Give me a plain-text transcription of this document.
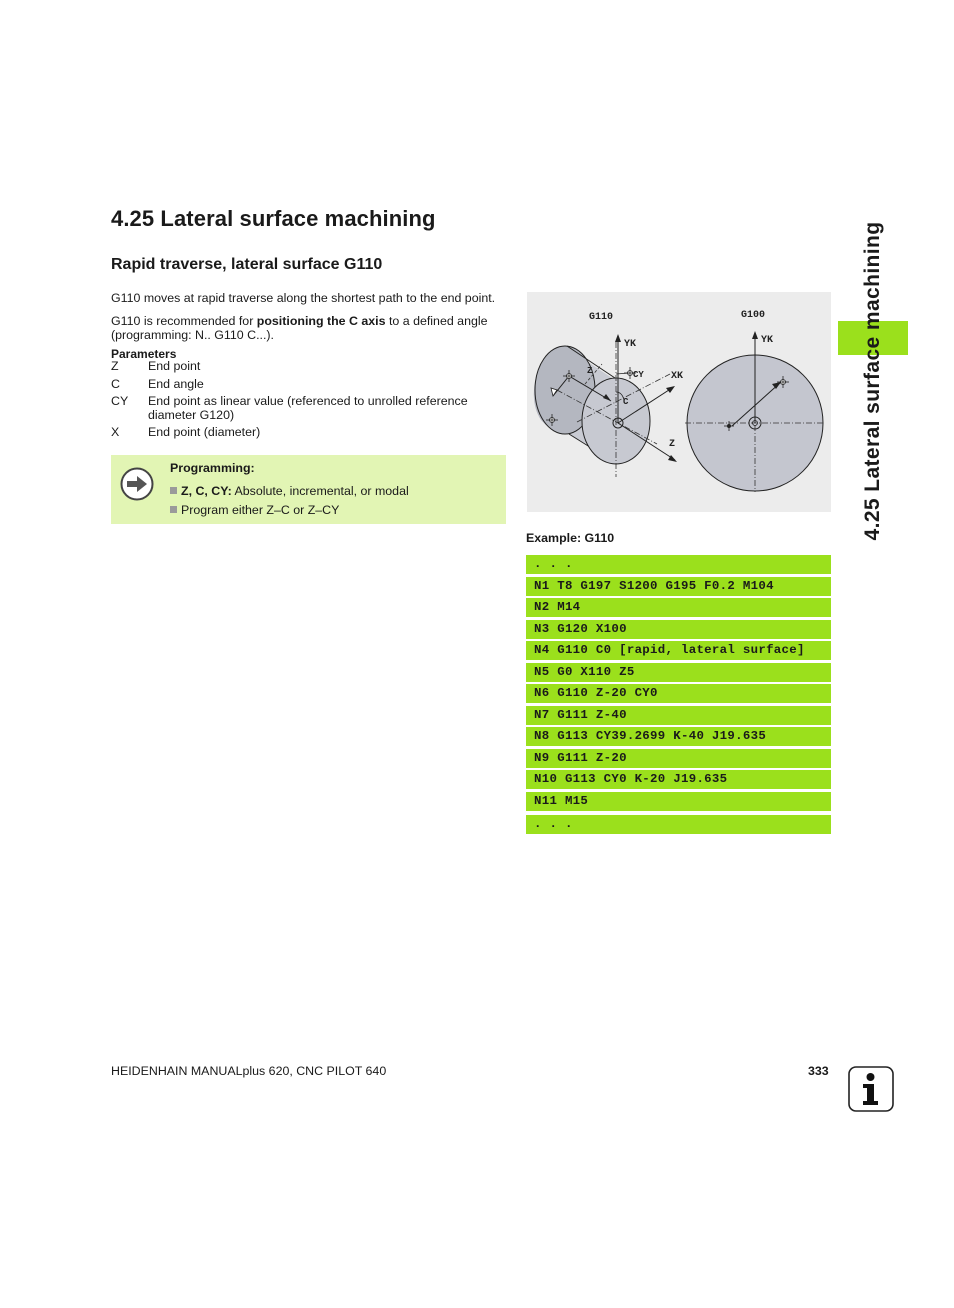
4.25 Lateral surface machining
Rapid traverse, lateral surface G110
G110 moves at rapid traverse along the shortest path to the end point.
G110 is recommended for positioning the C axis to a defined angle
(programming: N.. G110 C...).
Parameters
Z	End point
C	End angle
CY	End point as linear value (referenced to unrolled reference
diameter G120)
X	End point (diameter)
Programming:
Z, C, CY: Absolute, incremental, or modal
Program either Z–C or Z–CY
G110	G100
YK	YK
XK
Z
Z	CY
C
Example: G110
. . .
N1 T8 G197 S1200 G195 F0.2 M104
N2 M14
N3 G120 X100
N4 G110 C0 [rapid, lateral surface]
N5 G0 X110 Z5
N6 G110 Z-20 CY0
N7 G111 Z-40
N8 G113 CY39.2699 K-40 J19.635
N9 G111 Z-20
N10 G113 CY0 K-20 J19.635
N11 M15
. . .
4.25 Lateral surface machining
HEIDENHAIN MANUALplus 620, CNC PILOT 640	333
